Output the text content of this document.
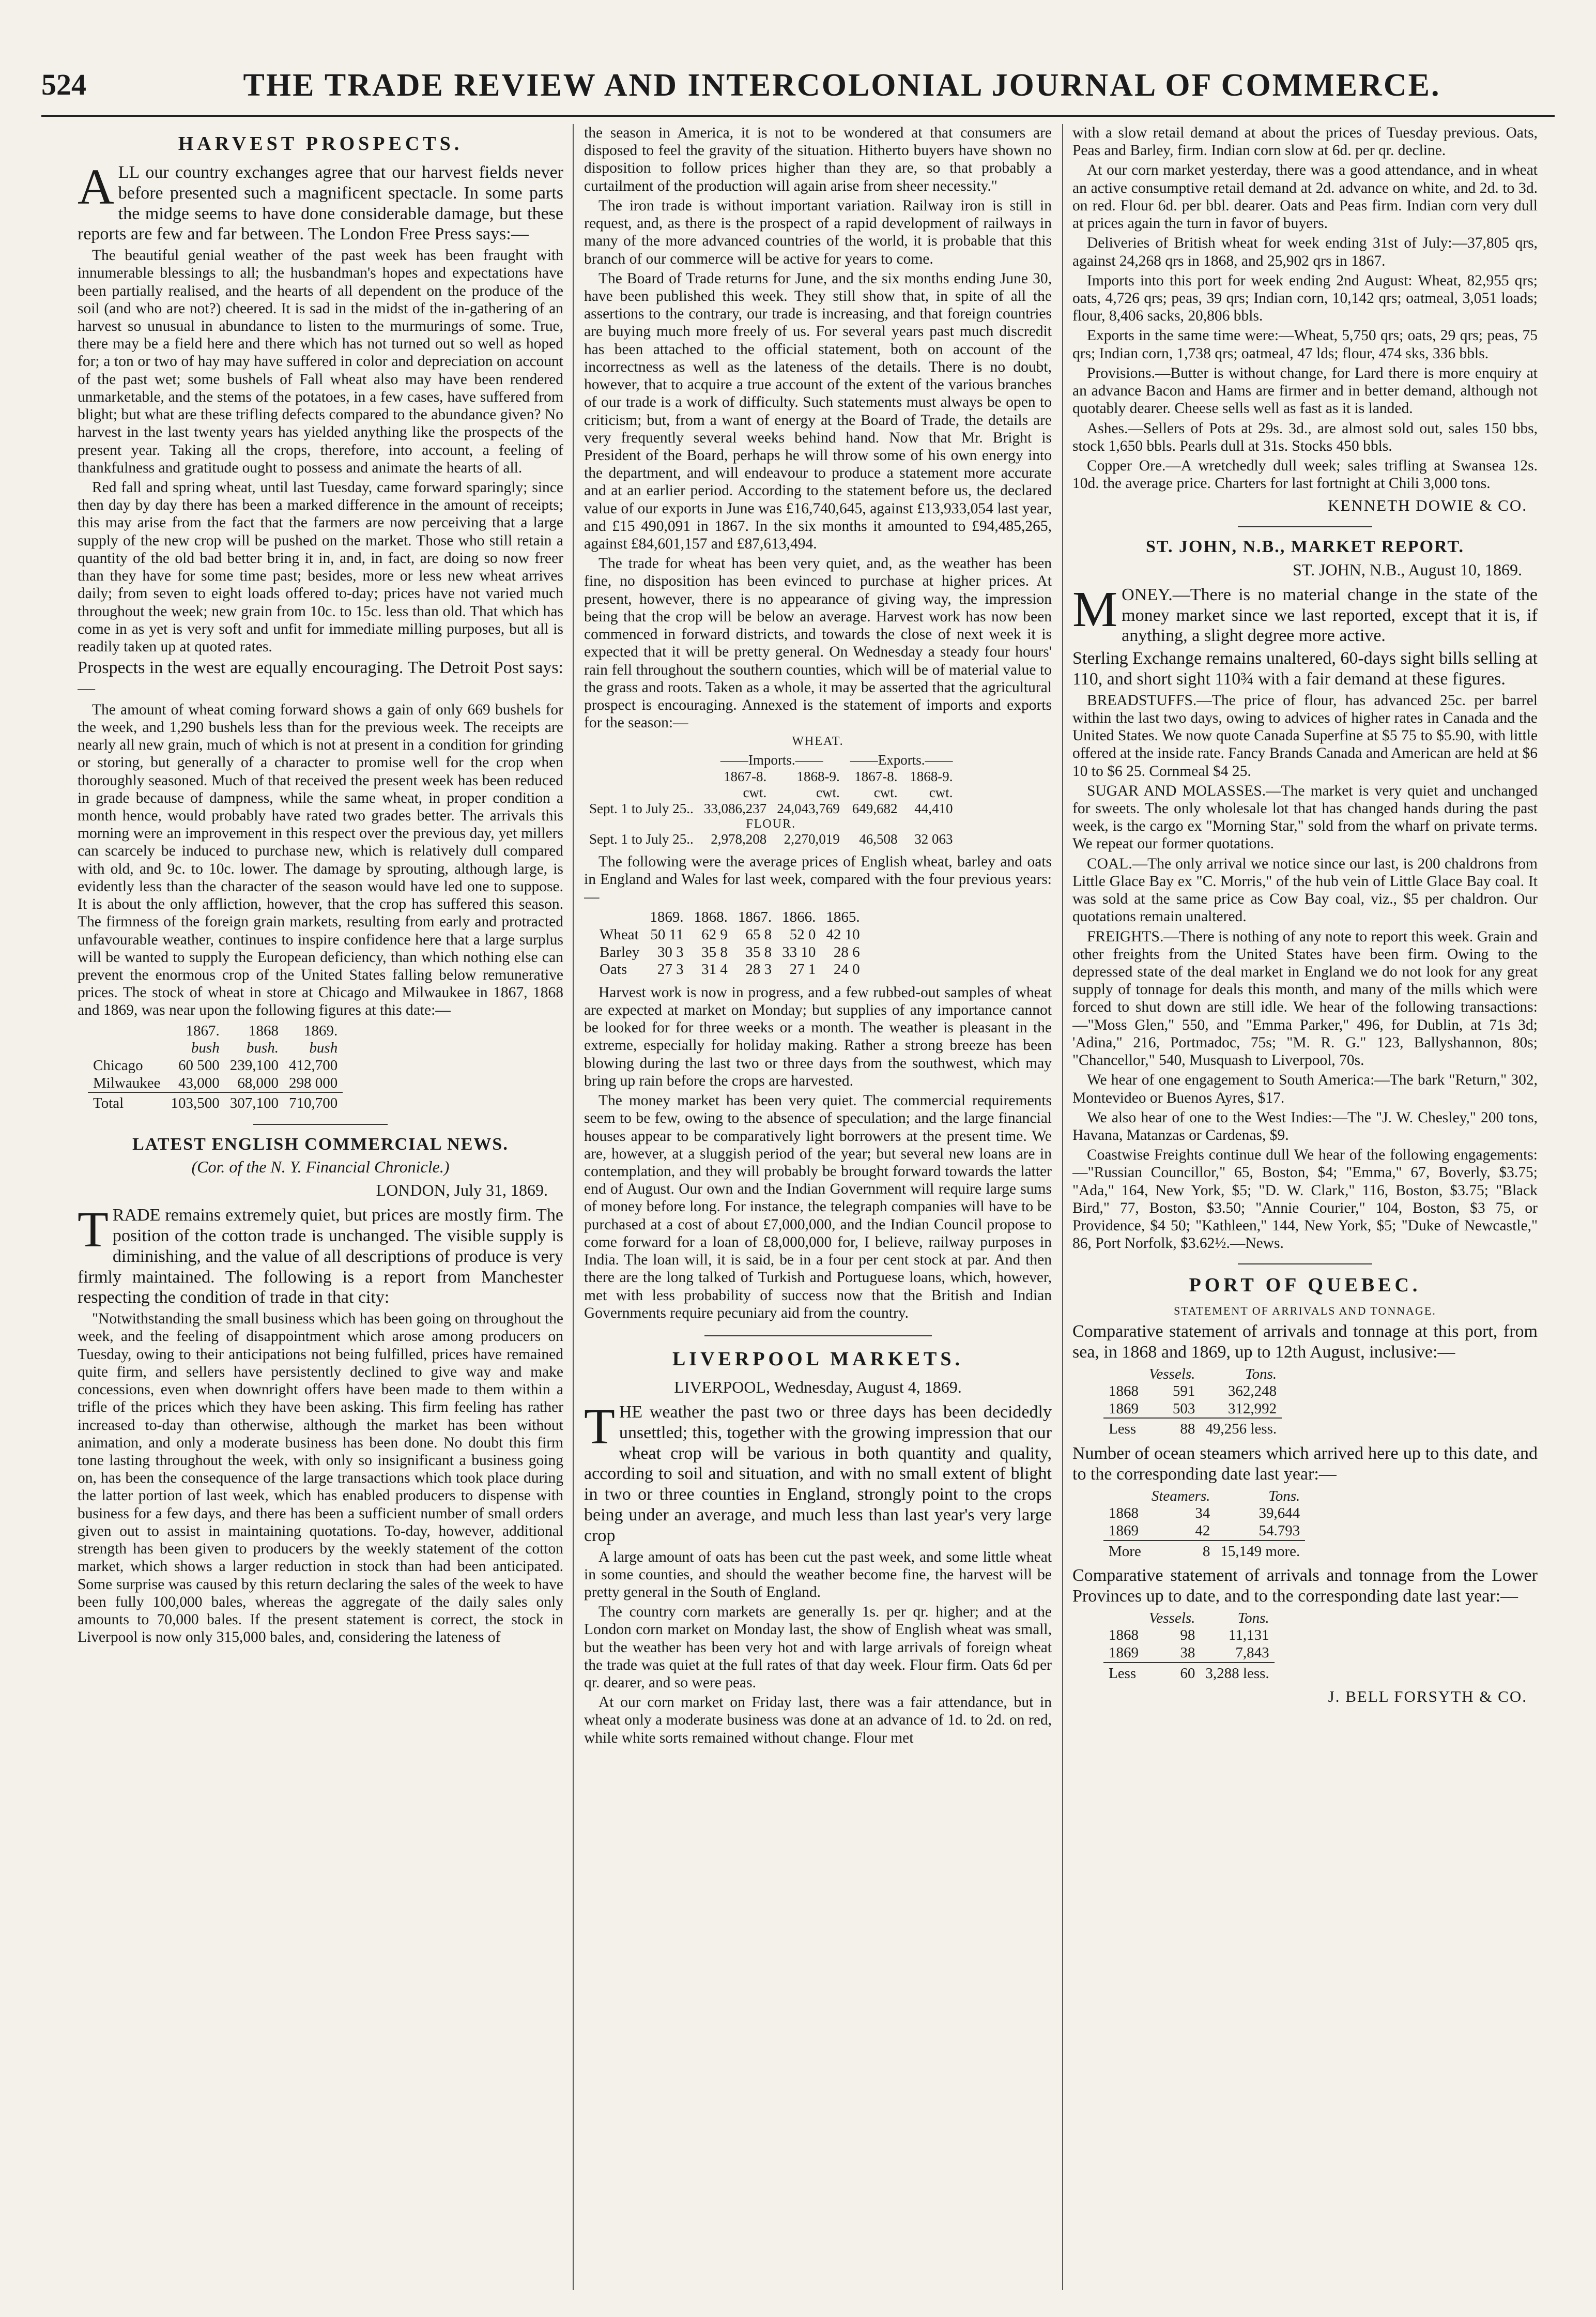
524	THE TRADE REVIEW AND INTERCOLONIAL JOURNAL OF COMMERCE.
HARVEST PROSPECTS.

ALL our country exchanges agree that our harvest fields never before presented such a magnificent spectacle. In some parts the midge seems to have done considerable damage, but these reports are few and far between. The London Free Press says:—

The beautiful genial weather of the past week has been fraught with innumerable blessings to all; the husbandman's hopes and expectations have been partially realised, and the hearts of all dependent on the produce of the soil (and who are not?) cheered. It is sad in the midst of the in-gathering of an harvest so unusual in abundance to listen to the murmurings of some. True, there may be a field here and there which has not turned out so well as hoped for; a ton or two of hay may have suffered in color and depreciation on account of the past wet; some bushels of Fall wheat also may have been rendered unmarketable, and the stems of the potatoes, in a few cases, have suffered from blight; but what are these trifling defects compared to the abundance given? No harvest in the last twenty years has yielded anything like the prospects of the present year. Taking all the crops, therefore, into account, a feeling of thankfulness and gratitude ought to possess and animate the hearts of all.

Red fall and spring wheat, until last Tuesday, came forward sparingly; since then day by day there has been a marked difference in the amount of receipts; this may arise from the fact that the farmers are now perceiving that a large supply of the new crop will be pushed on the market. Those who still retain a quantity of the old bad better bring it in, and, in fact, are doing so now freer than they have for some time past; besides, more or less new wheat arrives daily; from seven to eight loads offered to-day; prices have not varied much throughout the week; new grain from 10c. to 15c. less than old. That which has come in as yet is very soft and unfit for immediate milling purposes, but all is readily taken up at quoted rates.

Prospects in the west are equally encouraging. The Detroit Post says:—

The amount of wheat coming forward shows a gain of only 669 bushels for the week, and 1,290 bushels less than for the previous week. The receipts are nearly all new grain, much of which is not at present in a condition for grinding or storing, but generally of a character to promise well for the crop when thoroughly seasoned. Much of that received the present week has been reduced in grade because of dampness, while the same wheat, in proper condition a month hence, would probably have rated two grades better. The arrivals this morning were an improvement in this respect over the previous day, yet millers can scarcely be induced to purchase new, which is relatively dull compared with old, and 9c. to 10c. lower. The damage by sprouting, although large, is evidently less than the character of the season would have led one to suppose. It is about the only affliction, however, that the crop has suffered this season. The firmness of the foreign grain markets, resulting from early and protracted unfavourable weather, continues to inspire confidence here that a large surplus will be wanted to supply the European deficiency, than which nothing else can prevent the enormous crop of the United States falling below remunerative prices. The stock of wheat in store at Chicago and Milwaukee in 1867, 1868 and 1869, was near upon the following figures at this date:—

	1867.	1868	1869.
	bush	bush.	bush
Chicago	60 500	239,100	412,700
Milwaukee	43,000	68,000	298 000
Total	103,500	307,100	710,700
LATEST ENGLISH COMMERCIAL NEWS.
(Cor. of the N. Y. Financial Chronicle.)
LONDON, July 31, 1869.

TRADE remains extremely quiet, but prices are mostly firm. The position of the cotton trade is unchanged. The visible supply is diminishing, and the value of all descriptions of produce is very firmly maintained. The following is a report from Manchester respecting the condition of trade in that city:

"Notwithstanding the small business which has been going on throughout the week, and the feeling of disappointment which arose among producers on Tuesday, owing to their anticipations not being fulfilled, prices have remained quite firm, and sellers have persistently declined to give way and make concessions, even when downright offers have been made to them within a trifle of the prices which they have been asking. This firm feeling has rather increased to-day than otherwise, although the market has been without animation, and only a moderate business has been done. No doubt this firm tone lasting throughout the week, with only so insignificant a business going on, has been the consequence of the large transactions which took place during the latter portion of last week, which has enabled producers to dispense with business for a few days, and there has been a sufficient number of small orders given out to assist in maintaining quotations. To-day, however, additional strength has been given to producers by the weekly statement of the cotton market, which shows a larger reduction in stock than had been anticipated. Some surprise was caused by this return declaring the sales of the week to have been fully 100,000 bales, whereas the aggregate of the daily sales only amounts to 70,000 bales. If the present statement is correct, the stock in Liverpool is now only 315,000 bales, and, considering the lateness of

the season in America, it is not to be wondered at that consumers are disposed to feel the gravity of the situation. Hitherto buyers have shown no disposition to follow prices higher than they are, so that probably a curtailment of the production will again arise from sheer necessity."

The iron trade is without important variation. Railway iron is still in request, and, as there is the prospect of a rapid development of railways in many of the more advanced countries of the world, it is probable that this branch of our commerce will be active for years to come.

The Board of Trade returns for June, and the six months ending June 30, have been published this week. They still show that, in spite of all the assertions to the contrary, our trade is increasing, and that foreign countries are buying much more freely of us. For several years past much discredit has been attached to the official statement, both on account of the incorrectness as well as the lateness of the details. There is no doubt, however, that to acquire a true account of the extent of the various branches of our trade is a work of difficulty. Such statements must always be open to criticism; but, from a want of energy at the Board of Trade, the details are very frequently several weeks behind hand. Now that Mr. Bright is President of the Board, perhaps he will throw some of his own energy into the department, and will endeavour to produce a statement more accurate and at an earlier period. According to the statement before us, the declared value of our exports in June was £16,740,645, against £13,933,054 last year, and £15 490,091 in 1867. In the six months it amounted to £94,485,265, against £84,601,157 and £87,613,494.

The trade for wheat has been very quiet, and, as the weather has been fine, no disposition has been evinced to purchase at higher prices. At present, however, there is no appearance of giving way, the impression being that the crop will be below an average. Harvest work has now been commenced in forward districts, and towards the close of next week it is expected that it will be pretty general. On Wednesday a steady four hours' rain fell throughout the southern counties, which will be of material value to the grass and roots. Taken as a whole, it may be asserted that the agricultural prospect is encouraging. Annexed is the statement of imports and exports for the season:—

WHEAT.
	——Imports.——		——Exports.——	
	1867-8.	1868-9.	1867-8.	1868-9.
	cwt.	cwt.	cwt.	cwt.
Sept. 1 to July 25..	33,086,237	24,043,769	649,682	44,410
FLOUR.				
Sept. 1 to July 25..	2,978,208	2,270,019	46,508	32 063

The following were the average prices of English wheat, barley and oats in England and Wales for last week, compared with the four previous years:—

	1869.	1868.	1867.	1866.	1865.
Wheat	50 11	62 9	65 8	52 0	42 10
Barley	30 3	35 8	35 8	33 10	28 6
Oats	27 3	31 4	28 3	27 1	24 0

Harvest work is now in progress, and a few rubbed-out samples of wheat are expected at market on Monday; but supplies of any importance cannot be looked for for three weeks or a month. The weather is pleasant in the extreme, especially for holiday making. Rather a strong breeze has been blowing during the last two or three days from the southwest, which may bring up rain before the crops are harvested.

The money market has been very quiet. The commercial requirements seem to be few, owing to the absence of speculation; and the large financial houses appear to be comparatively light borrowers at the present time. We are, however, at a sluggish period of the year; but several new loans are in contemplation, and they will probably be brought forward towards the latter end of August. Our own and the Indian Government will require large sums of money before long. For instance, the telegraph companies will have to be purchased at a cost of about £7,000,000, and the Indian Council propose to come forward for a loan of £8,000,000 for, I believe, railway purposes in India. The loan will, it is said, be in a four per cent stock at par. And then there are the long talked of Turkish and Portuguese loans, which, however, met with less probability of success now that the British and Indian Governments require pecuniary aid from the country.

LIVERPOOL MARKETS.
LIVERPOOL, Wednesday, August 4, 1869.

THE weather the past two or three days has been decidedly unsettled; this, together with the growing impression that our wheat crop will be various in both quantity and quality, according to soil and situation, and with no small extent of blight in two or three counties in England, strongly point to the crops being under an average, and much less than last year's very large crop

A large amount of oats has been cut the past week, and some little wheat in some counties, and should the weather become fine, the harvest will be pretty general in the South of England.

The country corn markets are generally 1s. per qr. higher; and at the London corn market on Monday last, the show of English wheat was small, but the weather has been very hot and with large arrivals of foreign wheat the trade was quiet at the full rates of that day week. Flour firm. Oats 6d per qr. dearer, and so were peas.

At our corn market on Friday last, there was a fair attendance, but in wheat only a moderate business was done at an advance of 1d. to 2d. on red, while white sorts remained without change. Flour met

with a slow retail demand at about the prices of Tuesday previous. Oats, Peas and Barley, firm. Indian corn slow at 6d. per qr. decline.

At our corn market yesterday, there was a good attendance, and in wheat an active consumptive retail demand at 2d. advance on white, and 2d. to 3d. on red. Flour 6d. per bbl. dearer. Oats and Peas firm. Indian corn very dull at prices again the turn in favor of buyers.

Deliveries of British wheat for week ending 31st of July:—37,805 qrs, against 24,268 qrs in 1868, and 25,902 qrs in 1867.

Imports into this port for week ending 2nd August: Wheat, 82,955 qrs; oats, 4,726 qrs; peas, 39 qrs; Indian corn, 10,142 qrs; oatmeal, 3,051 loads; flour, 8,406 sacks, 20,806 bbls.

Exports in the same time were:—Wheat, 5,750 qrs; oats, 29 qrs; peas, 75 qrs; Indian corn, 1,738 qrs; oatmeal, 47 lds; flour, 474 sks, 336 bbls.

Provisions.—Butter is without change, for Lard there is more enquiry at an advance Bacon and Hams are firmer and in better demand, although not quotably dearer. Cheese sells well as fast as it is landed.

Ashes.—Sellers of Pots at 29s. 3d., are almost sold out, sales 150 bbs, stock 1,650 bbls. Pearls dull at 31s. Stocks 450 bbls.

Copper Ore.—A wretchedly dull week; sales trifling at Swansea 12s. 10d. the average price. Charters for last fortnight at Chili 3,000 tons.

KENNETH DOWIE & CO.
ST. JOHN, N.B., MARKET REPORT.
ST. JOHN, N.B., August 10, 1869.

MONEY.—There is no material change in the state of the money market since we last reported, except that it is, if anything, a slight degree more active.

Sterling Exchange remains unaltered, 60-days sight bills selling at 110, and short sight 110¾ with a fair demand at these figures.

BREADSTUFFS.—The price of flour, has advanced 25c. per barrel within the last two days, owing to advices of higher rates in Canada and the United States. We now quote Canada Superfine at $5 75 to $5.90, with little offered at the inside rate. Fancy Brands Canada and American are held at $6 10 to $6 25. Cornmeal $4 25.

SUGAR AND MOLASSES.—The market is very quiet and unchanged for sweets. The only wholesale lot that has changed hands during the past week, is the cargo ex "Morning Star," sold from the wharf on private terms. We repeat our former quotations.

COAL.—The only arrival we notice since our last, is 200 chaldrons from Little Glace Bay ex "C. Morris," of the hub vein of Little Glace Bay coal. It was sold at the same price as Cow Bay coal, viz., $5 per chaldron. Our quotations remain unaltered.

FREIGHTS.—There is nothing of any note to report this week. Grain and other freights from the United States have been firm. Owing to the depressed state of the deal market in England we do not look for any great supply of tonnage for deals this month, and many of the mills which were forced to shut down are still idle. We hear of the following transactions:—"Moss Glen," 550, and "Emma Parker," 496, for Dublin, at 71s 3d; 'Adina," 216, Portmadoc, 75s; "M. R. G." 123, Ballyshannon, 80s; "Chancellor," 540, Musquash to Liverpool, 70s.

We hear of one engagement to South America:—The bark "Return," 302, Montevideo or Buenos Ayres, $17.

We also hear of one to the West Indies:—The "J. W. Chesley," 200 tons, Havana, Matanzas or Cardenas, $9.

Coastwise Freights continue dull We hear of the following engagements:—"Russian Councillor," 65, Boston, $4; "Emma," 67, Boverly, $3.75; "Ada," 164, New York, $5; "D. W. Clark," 116, Boston, $3.75; "Black Bird," 77, Boston, $3.50; "Annie Courier," 104, Boston, $3 75, or Providence, $4 50; "Kathleen," 144, New York, $5; "Duke of Newcastle," 86, Port Norfolk, $3.62½.—News.

PORT OF QUEBEC.
STATEMENT OF ARRIVALS AND TONNAGE.

Comparative statement of arrivals and tonnage at this port, from sea, in 1868 and 1869, up to 12th August, inclusive:—

	Vessels.	Tons.
1868	591	362,248
1869	503	312,992
Less	88	49,256 less.

Number of ocean steamers which arrived here up to this date, and to the corresponding date last year:—

	Steamers.	Tons.
1868	34	39,644
1869	42	54.793
More	8	15,149 more.

Comparative statement of arrivals and tonnage from the Lower Provinces up to date, and to the corresponding date last year:—

	Vessels.	Tons.
1868	98	11,131
1869	38	7,843
Less	60	3,288 less.
J. BELL FORSYTH & CO.
